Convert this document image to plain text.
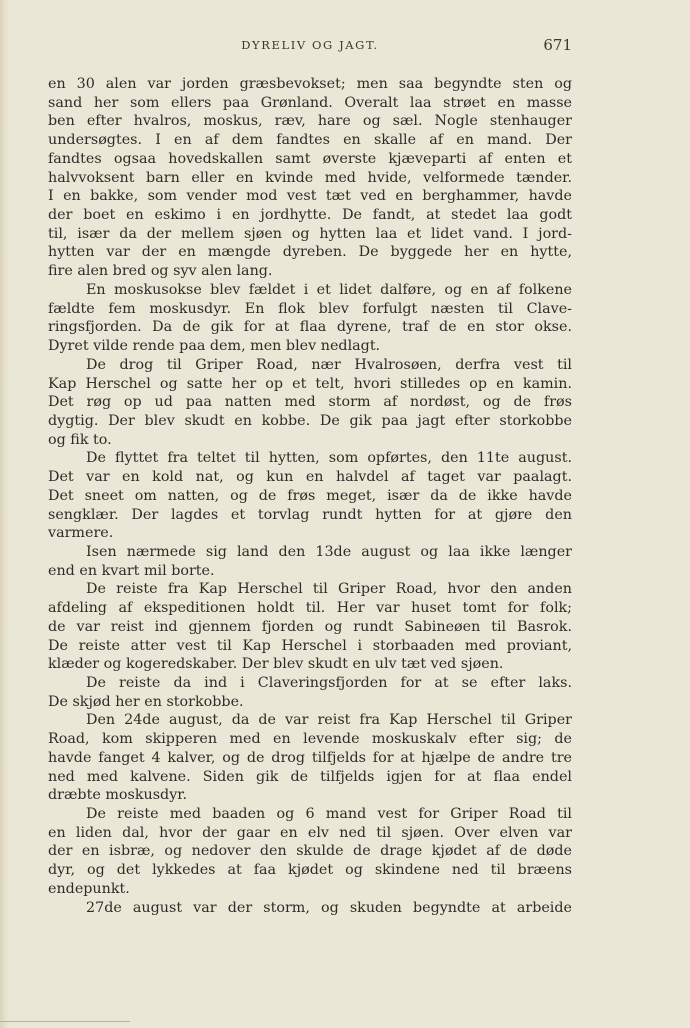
DYRELIV OG JAGT.	671
en 30 alen var jorden græsbevokset; men saa begyndte sten og
sand her som ellers paa Grønland. Overalt laa strøet en masse
ben efter hvalros, moskus, ræv, hare og sæl. Nogle stenhauger
undersøgtes. I en af dem fandtes en skalle af en mand. Der
fandtes ogsaa hovedskallen samt øverste kjæveparti af enten et
halvvoksent barn eller en kvinde med hvide, velformede tænder.
I en bakke, som vender mod vest tæt ved en berghammer, havde
der boet en eskimo i en jordhytte. De fandt, at stedet laa godt
til, især da der mellem sjøen og hytten laa et lidet vand. I jord-
hytten var der en mængde dyreben. De byggede her en hytte,
fire alen bred og syv alen lang.
En moskusokse blev fældet i et lidet dalføre, og en af folkene
fældte fem moskusdyr. En flok blev forfulgt næsten til Clave-
ringsfjorden. Da de gik for at flaa dyrene, traf de en stor okse.
Dyret vilde rende paa dem, men blev nedlagt.
De drog til Griper Road, nær Hvalrosøen, derfra vest til
Kap Herschel og satte her op et telt, hvori stilledes op en kamin.
Det røg op ud paa natten med storm af nordøst, og de frøs
dygtig. Der blev skudt en kobbe. De gik paa jagt efter storkobbe
og fik to.
De flyttet fra teltet til hytten, som opførtes, den 11te august.
Det var en kold nat, og kun en halvdel af taget var paalagt.
Det sneet om natten, og de frøs meget, især da de ikke havde
sengklær. Der lagdes et torvlag rundt hytten for at gjøre den
varmere.
Isen nærmede sig land den 13de august og laa ikke længer
end en kvart mil borte.
De reiste fra Kap Herschel til Griper Road, hvor den anden
afdeling af ekspeditionen holdt til. Her var huset tomt for folk;
de var reist ind gjennem fjorden og rundt Sabineøen til Basrok.
De reiste atter vest til Kap Herschel i storbaaden med proviant,
klæder og kogeredskaber. Der blev skudt en ulv tæt ved sjøen.
De reiste da ind i Claveringsfjorden for at se efter laks.
De skjød her en storkobbe.
Den 24de august, da de var reist fra Kap Herschel til Griper
Road, kom skipperen med en levende moskuskalv efter sig; de
havde fanget 4 kalver, og de drog tilfjelds for at hjælpe de andre tre
ned med kalvene. Siden gik de tilfjelds igjen for at flaa endel
dræbte moskusdyr.
De reiste med baaden og 6 mand vest for Griper Road til
en liden dal, hvor der gaar en elv ned til sjøen. Over elven var
der en isbræ, og nedover den skulde de drage kjødet af de døde
dyr, og det lykkedes at faa kjødet og skindene ned til bræens
endepunkt.
27de august var der storm, og skuden begyndte at arbeide
